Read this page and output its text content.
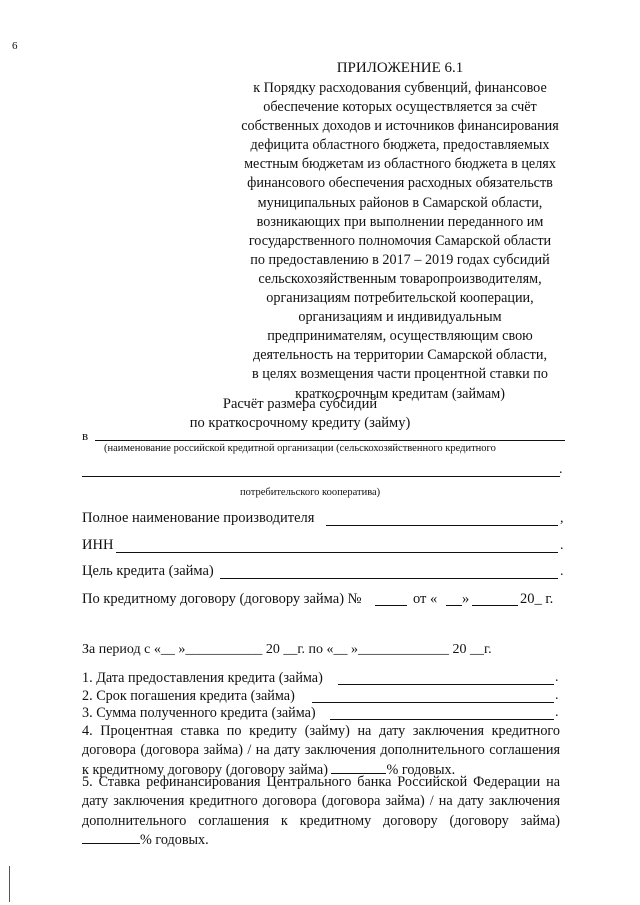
6
ПРИЛОЖЕНИЕ 6.1
к Порядку расходования субвенций, финансовое
обеспечение которых осуществляется за счёт
собственных доходов и источников финансирования
дефицита областного бюджета, предоставляемых
местным бюджетам из областного бюджета в целях
финансового обеспечения расходных обязательств
муниципальных районов в Самарской области,
возникающих при выполнении переданного им
государственного полномочия Самарской области
по предоставлению в 2017 – 2019 годах субсидий
сельскохозяйственным товаропроизводителям,
организациям потребительской кооперации,
организациям и индивидуальным
предпринимателям, осуществляющим свою
деятельность на территории Самарской области,
в целях возмещения части процентной ставки по
краткосрочным кредитам (займам)
Расчёт размера субсидий
по краткосрочному кредиту (займу)
в
(наименование российской кредитной организации (сельскохозяйственного кредитного
.
потребительского кооператива)
Полное наименование производителя	,
ИНН	.
Цель кредита (займа)	.
По кредитному договору (договору займа) №	от « »	20_ г.
За период с «__ »___________ 20 __г. по «__ »_____________ 20 __г.
1. Дата предоставления кредита (займа)	.
2. Срок погашения кредита (займа)	.
3. Сумма полученного кредита (займа)	.
4. Процентная ставка по кредиту (займу) на дату заключения кредитного договора (договора займа) / на дату заключения дополнительного соглашения к кредитному договору (договору займа)	% годовых.
5. Ставка рефинансирования Центрального банка Российской Федерации на дату заключения кредитного договора (договора займа) / на дату заключения дополнительного соглашения к кредитному договору (договору займа) % годовых.
